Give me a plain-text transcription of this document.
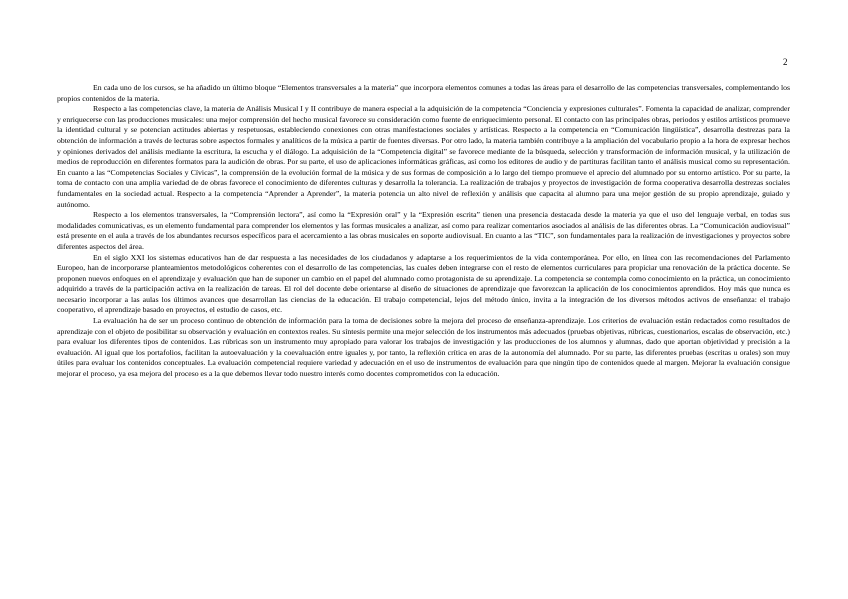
2

En cada uno de los cursos, se ha añadido un último bloque “Elementos transversales a la materia” que incorpora elementos comunes a todas las áreas para el desarrollo de las competencias transversales, complementando los propios contenidos de la materia.

Respecto a las competencias clave, la materia de Análisis Musical I y II contribuye de manera especial a la adquisición de la competencia “Conciencia y expresiones culturales”. Fomenta la capacidad de analizar, comprender y enriquecerse con las producciones musicales: una mejor comprensión del hecho musical favorece su consideración como fuente de enriquecimiento personal. El contacto con las principales obras, periodos y estilos artísticos promueve la identidad cultural y se potencian actitudes abiertas y respetuosas, estableciendo conexiones con otras manifestaciones sociales y artísticas. Respecto a la competencia en “Comunicación lingüística”, desarrolla destrezas para la obtención de información a través de lecturas sobre aspectos formales y analíticos de la música a partir de fuentes diversas. Por otro lado, la materia también contribuye a la ampliación del vocabulario propio a la hora de expresar hechos y opiniones derivados del análisis mediante la escritura, la escucha y el diálogo. La adquisición de la “Competencia digital” se favorece mediante de la búsqueda, selección y transformación de información musical, y la utilización de medios de reproducción en diferentes formatos para la audición de obras. Por su parte, el uso de aplicaciones informáticas gráficas, así como los editores de audio y de partituras facilitan tanto el análisis musical como su representación. En cuanto a las “Competencias Sociales y Cívicas”, la comprensión de la evolución formal de la música y de sus formas de composición a lo largo del tiempo promueve el aprecio del alumnado por su entorno artístico. Por su parte, la toma de contacto con una amplia variedad de de obras favorece el conocimiento de diferentes culturas y desarrolla la tolerancia. La realización de trabajos y proyectos de investigación de forma cooperativa desarrolla destrezas sociales fundamentales en la sociedad actual. Respecto a la competencia “Aprender a Aprender”, la materia potencia un alto nivel de reflexión y análisis que capacita al alumno para una mejor gestión de su propio aprendizaje, guiado y autónomo.

Respecto a los elementos transversales, la “Comprensión lectora”, así como la “Expresión oral” y la “Expresión escrita” tienen una presencia destacada desde la materia ya que el uso del lenguaje verbal, en todas sus modalidades comunicativas, es un elemento fundamental para comprender los elementos y las formas musicales a analizar, así como para realizar comentarios asociados al análisis de las diferentes obras. La “Comunicación audiovisual” está presente en el aula a través de los abundantes recursos específicos para el acercamiento a las obras musicales en soporte audiovisual. En cuanto a las “TIC”, son fundamentales para la realización de investigaciones y proyectos sobre diferentes aspectos del área.

En el siglo XXI los sistemas educativos han de dar respuesta a las necesidades de los ciudadanos y adaptarse a los requerimientos de la vida contemporánea. Por ello, en línea con las recomendaciones del Parlamento Europeo, han de incorporarse planteamientos metodológicos coherentes con el desarrollo de las competencias, las cuales deben integrarse con el resto de elementos curriculares para propiciar una renovación de la práctica docente. Se proponen nuevos enfoques en el aprendizaje y evaluación que han de suponer un cambio en el papel del alumnado como protagonista de su aprendizaje. La competencia se contempla como conocimiento en la práctica, un conocimiento adquirido a través de la participación activa en la realización de tareas. El rol del docente debe orientarse al diseño de situaciones de aprendizaje que favorezcan la aplicación de los conocimientos aprendidos. Hoy más que nunca es necesario incorporar a las aulas los últimos avances que desarrollan las ciencias de la educación. El trabajo competencial, lejos del método único, invita a la integración de los diversos métodos activos de enseñanza: el trabajo cooperativo, el aprendizaje basado en proyectos, el estudio de casos, etc.

La evaluación ha de ser un proceso continuo de obtención de información para la toma de decisiones sobre la mejora del proceso de enseñanza-aprendizaje. Los criterios de evaluación están redactados como resultados de aprendizaje con el objeto de posibilitar su observación y evaluación en contextos reales. Su síntesis permite una mejor selección de los instrumentos más adecuados (pruebas objetivas, rúbricas, cuestionarios, escalas de observación, etc.) para evaluar los diferentes tipos de contenidos. Las rúbricas son un instrumento muy apropiado para valorar los trabajos de investigación y las producciones de los alumnos y alumnas, dado que aportan objetividad y precisión a la evaluación. Al igual que los portafolios, facilitan la autoevaluación y la coevaluación entre iguales y, por tanto, la reflexión crítica en aras de la autonomía del alumnado. Por su parte, las diferentes pruebas (escritas u orales) son muy útiles para evaluar los contenidos conceptuales. La evaluación competencial requiere variedad y adecuación en el uso de instrumentos de evaluación para que ningún tipo de contenidos quede al margen. Mejorar la evaluación consigue mejorar el proceso, ya esa mejora del proceso es a la que debemos llevar todo nuestro interés como docentes comprometidos con la educación.
